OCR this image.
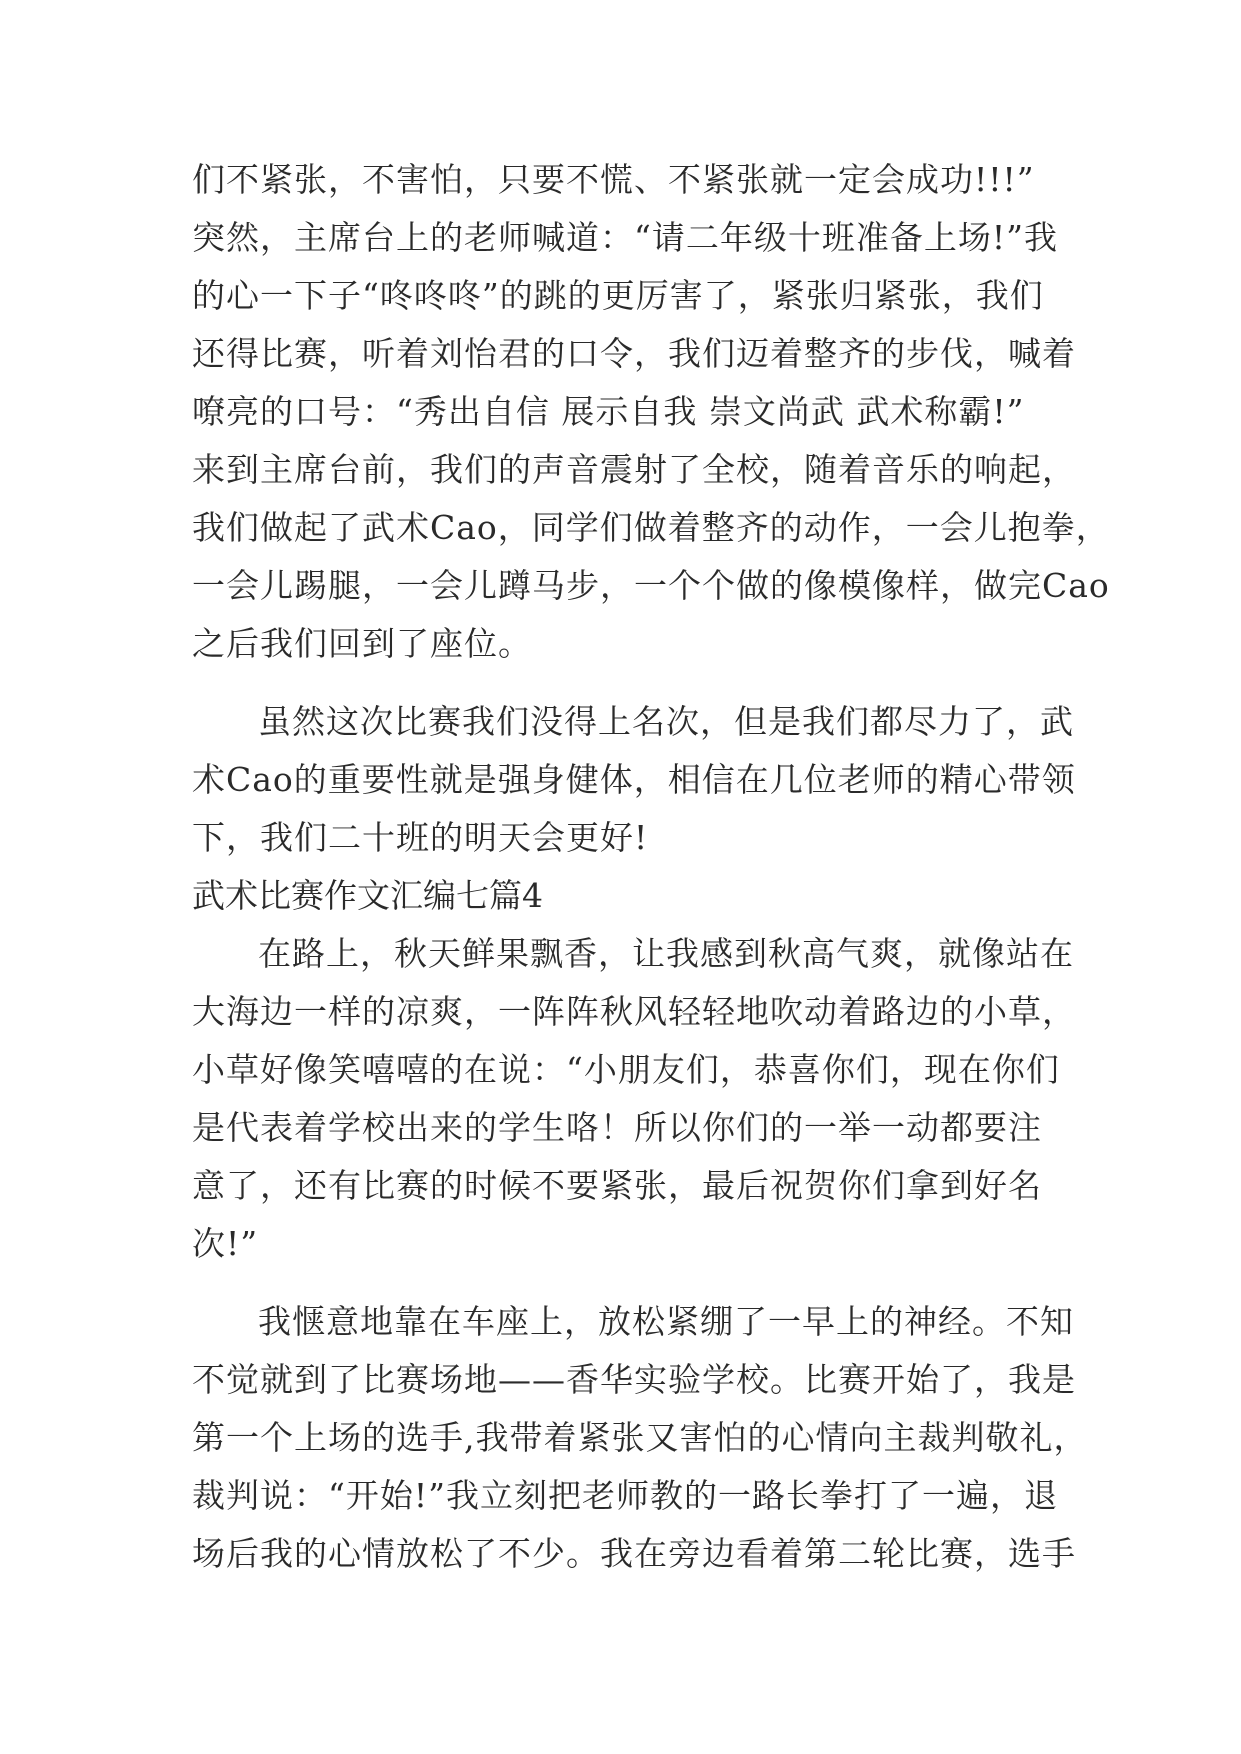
们不紧张，不害怕，只要不慌、不紧张就一定会成功!!!”
突然，主席台上的老师喊道：“请二年级十班准备上场!”我
的心一下子“咚咚咚”的跳的更厉害了，紧张归紧张，我们
还得比赛，听着刘怡君的口令，我们迈着整齐的步伐，喊着
嘹亮的口号：“秀出自信 展示自我 崇文尚武 武术称霸!”
来到主席台前，我们的声音震射了全校，随着音乐的响起，
我们做起了武术Cao，同学们做着整齐的动作，一会儿抱拳，
一会儿踢腿，一会儿蹲马步，一个个做的像模像样，做完Cao
之后我们回到了座位。
虽然这次比赛我们没得上名次，但是我们都尽力了，武
术Cao的重要性就是强身健体，相信在几位老师的精心带领
下，我们二十班的明天会更好!
武术比赛作文汇编七篇4
在路上，秋天鲜果飘香，让我感到秋高气爽，就像站在
大海边一样的凉爽，一阵阵秋风轻轻地吹动着路边的小草，
小草好像笑嘻嘻的在说：“小朋友们，恭喜你们，现在你们
是代表着学校出来的学生咯！所以你们的一举一动都要注
意了，还有比赛的时候不要紧张，最后祝贺你们拿到好名
次!”
我惬意地靠在车座上，放松紧绷了一早上的神经。不知
不觉就到了比赛场地——香华实验学校。比赛开始了，我是
第一个上场的选手,我带着紧张又害怕的心情向主裁判敬礼，
裁判说：“开始!”我立刻把老师教的一路长拳打了一遍，退
场后我的心情放松了不少。我在旁边看着第二轮比赛，选手
